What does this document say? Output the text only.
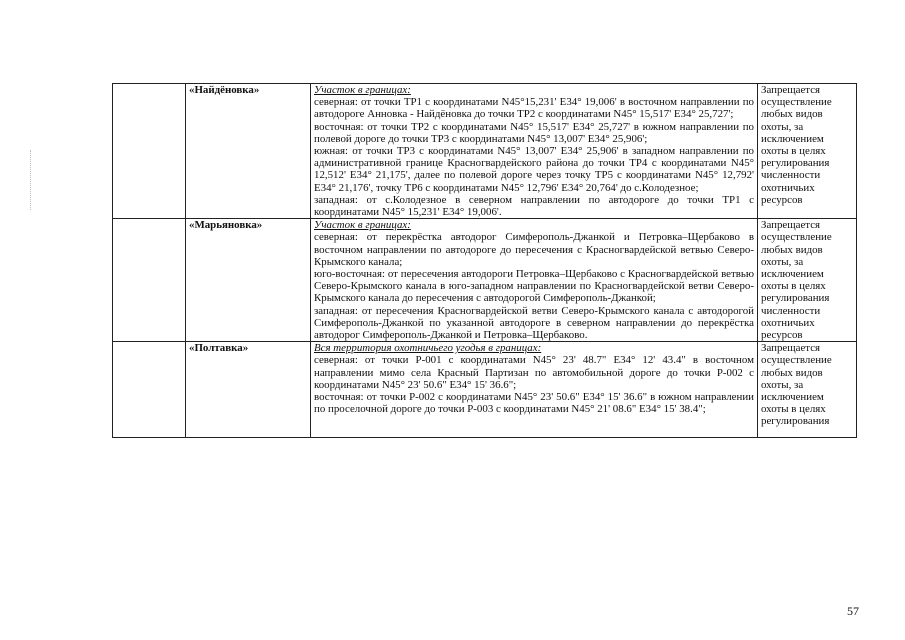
	«Найдёновка»	Участок в границах:
северная: от точки ТР1 с координатами N45°15,231' E34° 19,006' в восточном направлении по автодороге Анновка - Найдёновка до точки ТР2 с координатами N45° 15,517' E34° 25,727';
восточная: от точки ТР2 с координатами N45° 15,517' E34° 25,727' в южном направлении по полевой дороге до точки ТР3 с координатами N45° 13,007' E34° 25,906';
южная: от точки ТР3 с координатами N45° 13,007' E34° 25,906' в западном направлении по административной границе Красногвардейского района до точки ТР4 с координатами N45° 12,512' E34° 21,175', далее по полевой дороге через точку ТР5 с координатами N45° 12,792' E34° 21,176', точку ТР6 с координатами N45° 12,796' E34° 20,764' до с.Колодезное;
западная: от с.Колодезное в северном направлении по автодороге до точки ТР1 с координатами N45° 15,231' E34° 19,006'.	Запрещается осуществление любых видов охоты, за исключением охоты в целях регулирования численности охотничьих ресурсов
	«Марьяновка»	Участок в границах:
северная: от перекрёстка автодорог Симферополь-Джанкой и Петровка–Щербаково в восточном направлении по автодороге до пересечения с Красногвардейской ветвью Северо-Крымского канала;
юго-восточная: от пересечения автодороги Петровка–Щербаково с Красногвардейской ветвью Северо-Крымского канала в юго-западном направлении по Красногвардейской ветви Северо-Крымского канала до пересечения с автодорогой Симферополь-Джанкой;
западная: от пересечения Красногвардейской ветви Северо-Крымского канала с автодорогой Симферополь-Джанкой по указанной автодороге в северном направлении до перекрёстка автодорог Симферополь-Джанкой и Петровка–Щербаково.	Запрещается осуществление любых видов охоты, за исключением охоты в целях регулирования численности охотничьих ресурсов
	«Полтавка»	Вся территория охотничьего угодья в границах:
северная: от точки Р-001 с координатами N45° 23' 48.7" E34° 12' 43.4" в восточном направлении мимо села Красный Партизан по автомобильной дороге до точки Р-002 с координатами N45° 23' 50.6" E34° 15' 36.6";
восточная: от точки Р-002 с координатами N45° 23' 50.6" E34° 15' 36.6" в южном направлении по проселочной дороге до точки Р-003 с координатами N45° 21' 08.6" E34° 15' 38.4";	Запрещается осуществление любых видов охоты, за исключением охоты в целях регулирования
57
